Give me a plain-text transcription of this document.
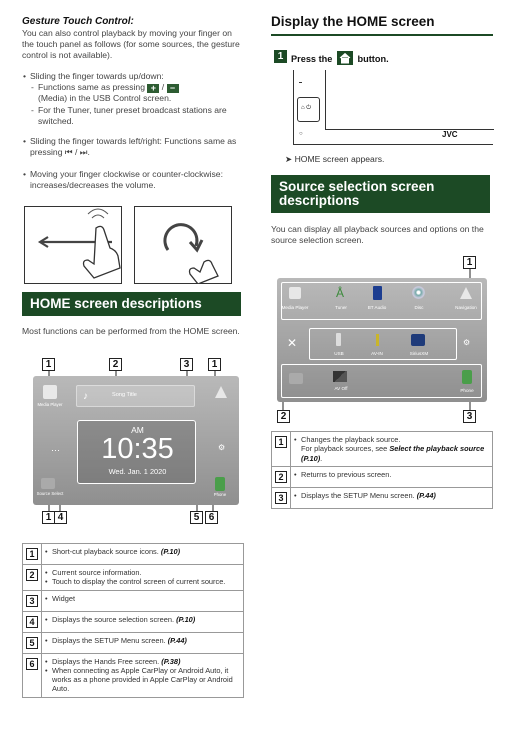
Gesture Touch Control:
You can also control playback by moving your finger on the touch panel as follows (for some sources, the gesture control is not available).
• Sliding the finger towards up/down:
- Functions same as pressing + / −
(Media) in the USB Control screen.
- For the Tuner, tuner preset broadcast stations are switched.
• Sliding the finger towards left/right: Functions same as pressing ⏮ / ⏭.
• Moving your finger clockwise or counter-clockwise: increases/decreases the volume.
HOME screen descriptions
Most functions can be performed from the HOME screen.
1	2	3	1
Media Player
♪	Song Title
AM
10:35
Wed. Jan. 1 2020
⋯	⚙
Source Select	Phone
1 4	5 6
1	• Short-cut playback source icons. (P.10)

2	• Current source information.
• Touch to display the control screen of current source.

3	• Widget

4	• Displays the source selection screen. (P.10)

5	• Displays the SETUP Menu screen. (P.44)

6	• Displays the Hands Free screen. (P.38)
• When connecting as Apple CarPlay or Android Auto, it works as a phone provided in Apple CarPlay or Android Auto.
Display the HOME screen
1 Press the	button.
⌂ ⏻
○	JVC
➤ HOME screen appears.
Source selection screen descriptions
You can display all playback sources and options on the source selection screen.
1
Media Player
Å
Tuner	BT Audio	Disc	Navigation
✕
USB	AV-IN	SiriusXM
⚙
AV Off	Phone
2	3
1	• Changes the playback source.
For playback sources, see Select the playback source (P.10).

2	• Returns to previous screen.

3	• Displays the SETUP Menu screen. (P.44)
